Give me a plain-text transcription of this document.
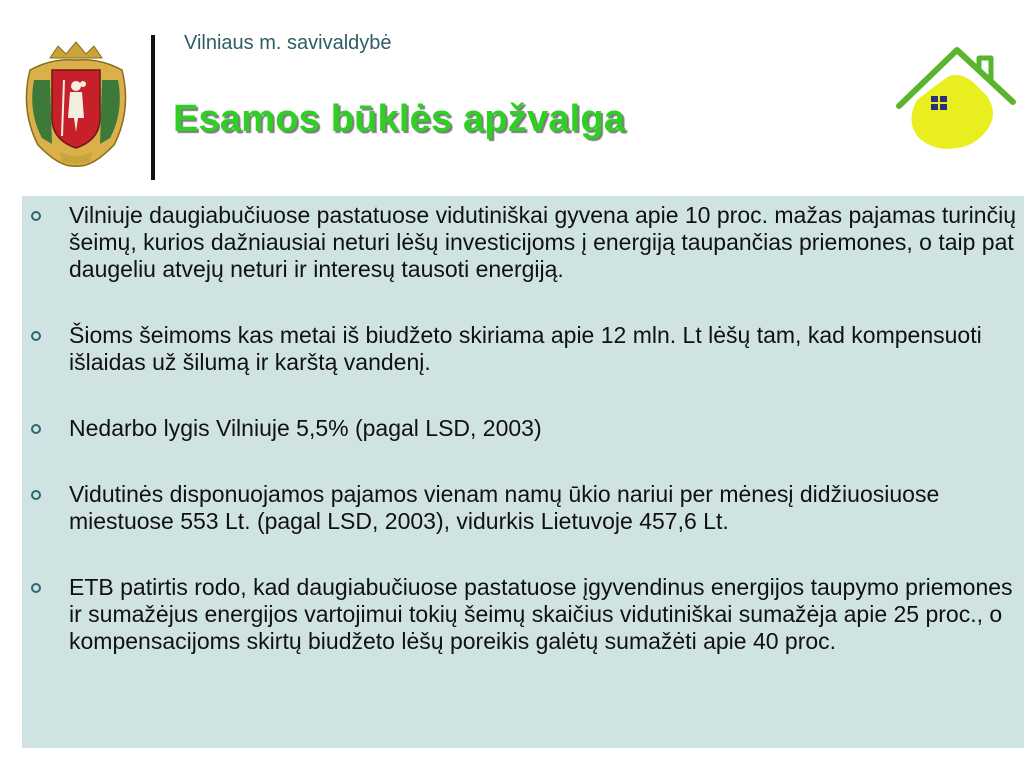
Vilniaus m. savivaldybė
Esamos būklės apžvalga
Vilniuje daugiabučiuose pastatuose vidutiniškai gyvena apie 10 proc. mažas pajamas turinčių šeimų, kurios dažniausiai neturi lėšų investicijoms į energiją taupančias priemones, o taip pat daugeliu atvejų neturi ir interesų tausoti energiją.
Šioms šeimoms kas metai iš biudžeto skiriama apie 12 mln. Lt lėšų tam, kad kompensuoti išlaidas už šilumą ir karštą vandenį.
Nedarbo lygis Vilniuje 5,5% (pagal LSD, 2003)
Vidutinės disponuojamos pajamos vienam namų ūkio nariui per mėnesį didžiuosiuose miestuose 553 Lt. (pagal LSD, 2003), vidurkis Lietuvoje 457,6 Lt.
ETB patirtis rodo, kad daugiabučiuose pastatuose įgyvendinus energijos taupymo priemones ir sumažėjus energijos vartojimui tokių šeimų skaičius vidutiniškai sumažėja apie 25 proc., o kompensacijoms skirtų biudžeto lėšų poreikis galėtų sumažėti apie 40 proc.
